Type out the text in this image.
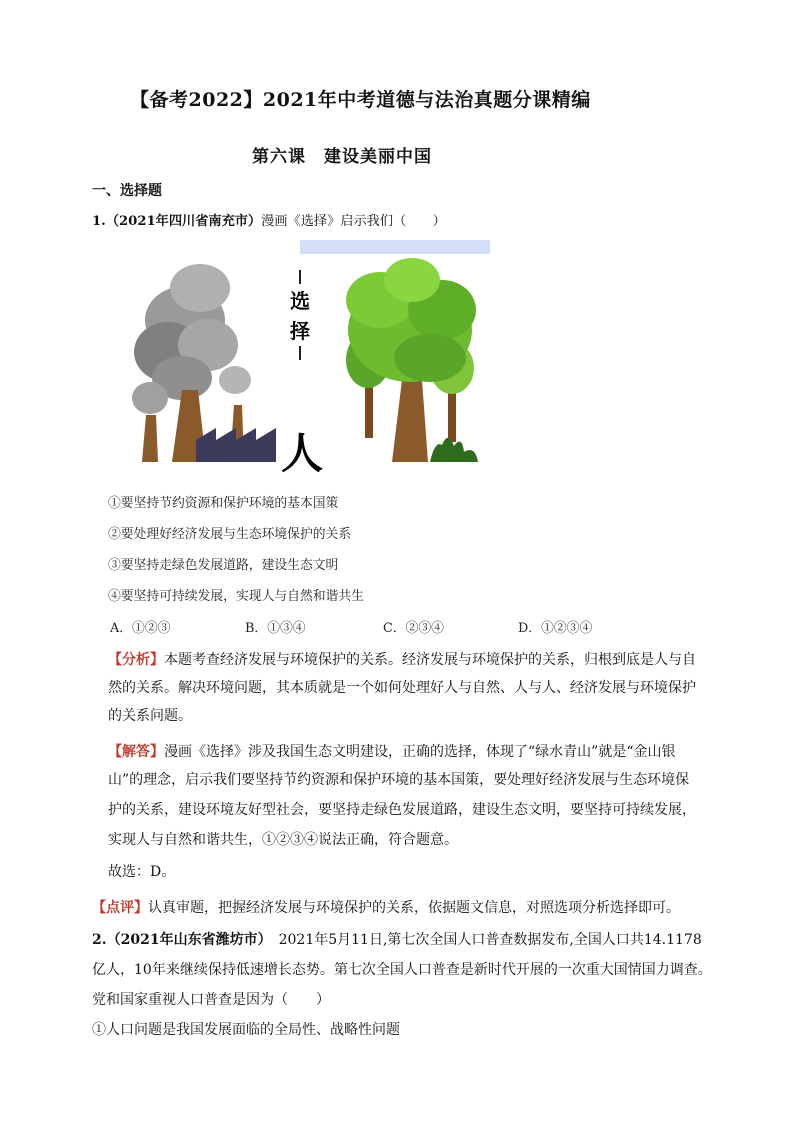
【备考2022】2021年中考道德与法治真题分课精编
第六课　建设美丽中国
一、选择题
1.（2021年四川省南充市）漫画《选择》启示我们（　　）
选
择
人
①要坚持节约资源和保护环境的基本国策
②要处理好经济发展与生态环境保护的关系
③要坚持走绿色发展道路，建设生态文明
④要坚持可持续发展，实现人与自然和谐共生
A．①②③	B．①③④	C．②③④	D．①②③④
【分析】本题考查经济发展与环境保护的关系。经济发展与环境保护的关系，归根到底是人与自
然的关系。解决环境问题，其本质就是一个如何处理好人与自然、人与人、经济发展与环境保护
的关系问题。
【解答】漫画《选择》涉及我国生态文明建设，正确的选择，体现了“绿水青山”就是“金山银
山”的理念，启示我们要坚持节约资源和保护环境的基本国策，要处理好经济发展与生态环境保
护的关系，建设环境友好型社会，要坚持走绿色发展道路，建设生态文明，要坚持可持续发展，
实现人与自然和谐共生，①②③④说法正确，符合题意。
故选：D。
【点评】认真审题，把握经济发展与环境保护的关系，依据题文信息，对照选项分析选择即可。
2.（2021年山东省潍坊市）　2021年5月11日,第七次全国人口普查数据发布,全国人口共14.1178
亿人，10年来继续保持低速增长态势。第七次全国人口普查是新时代开展的一次重大国情国力调查。
党和国家重视人口普查是因为（　　）
①人口问题是我国发展面临的全局性、战略性问题
